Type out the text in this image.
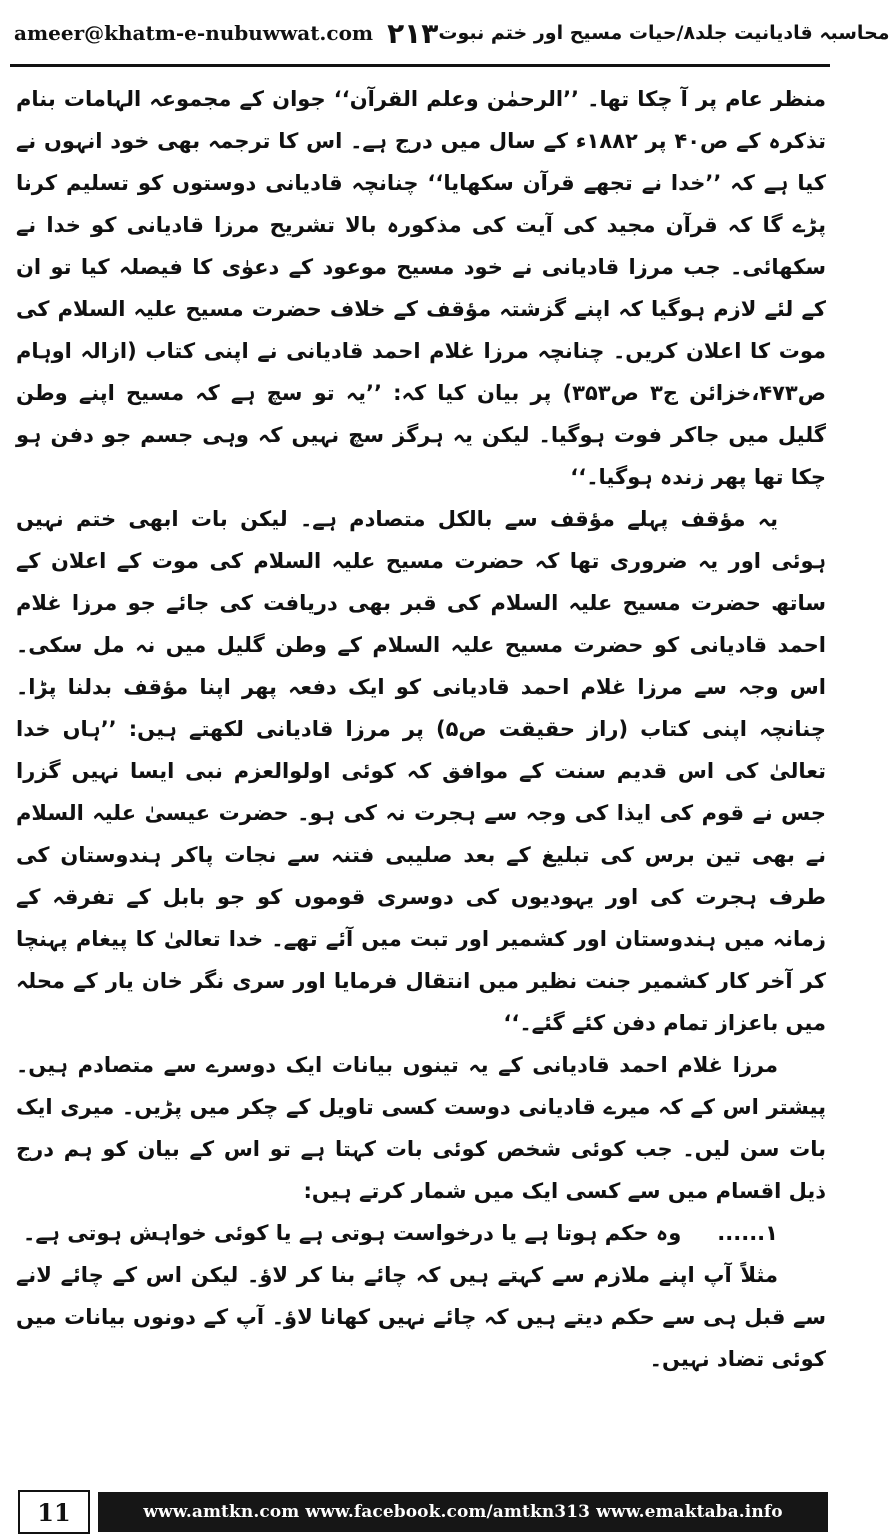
ameer@khatm-e-nubuwwat.com ۲۱۳ محاسبہ قادیانیت جلد۸/حیات مسیح اور ختم نبوت

منظر عام پر آ چکا تھا۔ ’’الرحمٰن وعلم القرآن‘‘ جوان کے مجموعہ الہامات بنام تذکرہ کے ص۴۰ پر ۱۸۸۲ء کے سال میں درج ہے۔ اس کا ترجمہ بھی خود انہوں نے کیا ہے کہ ’’خدا نے تجھے قرآن سکھایا‘‘ چنانچہ قادیانی دوستوں کو تسلیم کرنا پڑے گا کہ قرآن مجید کی آیت کی مذکورہ بالا تشریح مرزا قادیانی کو خدا نے سکھائی۔ جب مرزا قادیانی نے خود مسیح موعود کے دعوٰی کا فیصلہ کیا تو ان کے لئے لازم ہوگیا کہ اپنے گزشتہ مؤقف کے خلاف حضرت مسیح علیہ السلام کی موت کا اعلان کریں۔ چنانچہ مرزا غلام احمد قادیانی نے اپنی کتاب (ازالہ اوہام ص۴۷۳،خزائن ج۳ ص۳۵۳) پر بیان کیا کہ: ’’یہ تو سچ ہے کہ مسیح اپنے وطن گلیل میں جاکر فوت ہوگیا۔ لیکن یہ ہرگز سچ نہیں کہ وہی جسم جو دفن ہو چکا تھا پھر زندہ ہوگیا۔‘‘

یہ مؤقف پہلے مؤقف سے بالکل متصادم ہے۔ لیکن بات ابھی ختم نہیں ہوئی اور یہ ضروری تھا کہ حضرت مسیح علیہ السلام کی موت کے اعلان کے ساتھ حضرت مسیح علیہ السلام کی قبر بھی دریافت کی جائے جو مرزا غلام احمد قادیانی کو حضرت مسیح علیہ السلام کے وطن گلیل میں نہ مل سکی۔ اس وجہ سے مرزا غلام احمد قادیانی کو ایک دفعہ پھر اپنا مؤقف بدلنا پڑا۔ چنانچہ اپنی کتاب (راز حقیقت ص۵) پر مرزا قادیانی لکھتے ہیں: ’’ہاں خدا تعالیٰ کی اس قدیم سنت کے موافق کہ کوئی اولوالعزم نبی ایسا نہیں گزرا جس نے قوم کی ایذا کی وجہ سے ہجرت نہ کی ہو۔ حضرت عیسیٰ علیہ السلام نے بھی تین برس کی تبلیغ کے بعد صلیبی فتنہ سے نجات پاکر ہندوستان کی طرف ہجرت کی اور یہودیوں کی دوسری قوموں کو جو بابل کے تفرقہ کے زمانہ میں ہندوستان اور کشمیر اور تبت میں آئے تھے۔ خدا تعالیٰ کا پیغام پہنچا کر آخر کار کشمیر جنت نظیر میں انتقال فرمایا اور سری نگر خان یار کے محلہ میں باعزاز تمام دفن کئے گئے۔‘‘

مرزا غلام احمد قادیانی کے یہ تینوں بیانات ایک دوسرے سے متصادم ہیں۔ پیشتر اس کے کہ میرے قادیانی دوست کسی تاویل کے چکر میں پڑیں۔ میری ایک بات سن لیں۔ جب کوئی شخص کوئی بات کہتا ہے تو اس کے بیان کو ہم درج ذیل اقسام میں سے کسی ایک میں شمار کرتے ہیں:

۱......وہ حکم ہوتا ہے یا درخواست ہوتی ہے یا کوئی خواہش ہوتی ہے۔

مثلاً آپ اپنے ملازم سے کہتے ہیں کہ چائے بنا کر لاؤ۔ لیکن اس کے چائے لانے سے قبل ہی سے حکم دیتے ہیں کہ چائے نہیں کھانا لاؤ۔ آپ کے دونوں بیانات میں کوئی تضاد نہیں۔

11	www.amtkn.com www.facebook.com/amtkn313 www.emaktaba.info
